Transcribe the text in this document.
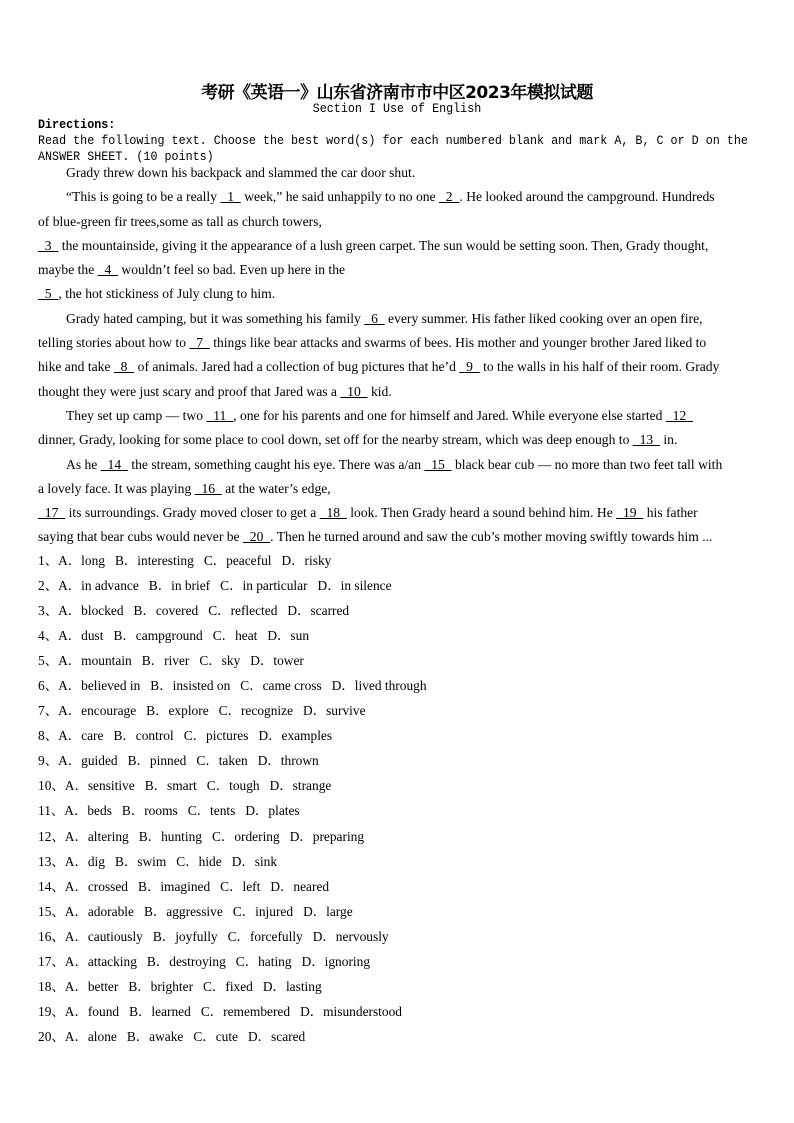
考研《英语一》山东省济南市市中区2023年模拟试题
Section I Use of English
Directions:
Read the following text. Choose the best word(s) for each numbered blank and mark A, B, C or D on the
ANSWER SHEET. (10 points)
Grady threw down his backpack and slammed the car door shut.
“This is going to be a really   1   week,” he said unhappily to no one   2  . He looked around the campground. Hundreds
of blue-green fir trees,some as tall as church towers,
3   the mountainside, giving it the appearance of a lush green carpet. The sun would be setting soon. Then, Grady thought,
maybe the   4   wouldn’t feel so bad. Even up here in the
5  , the hot stickiness of July clung to him.
Grady hated camping, but it was something his family   6   every summer. His father liked cooking over an open fire,
telling stories about how to   7   things like bear attacks and swarms of bees. His mother and younger brother Jared liked to
hike and take   8   of animals. Jared had a collection of bug pictures that he’d   9   to the walls in his half of their room. Grady
thought they were just scary and proof that Jared was a   10   kid.
They set up camp — two   11  , one for his parents and one for himself and Jared. While everyone else started   12
dinner, Grady, looking for some place to cool down, set off for the nearby stream, which was deep enough to   13   in.
As he   14   the stream, something caught his eye. There was a/an   15   black bear cub — no more than two feet tall with
a lovely face. It was playing   16   at the water’s edge,
17   its surroundings. Grady moved closer to get a   18   look. Then Grady heard a sound behind him. He   19   his father
saying that bear cubs would never be   20  . Then he turned around and saw the cub’s mother moving swiftly towards him ...
1、A．long B．interesting C．peaceful D．risky
2、A．in advance B．in brief C．in particular D．in silence
3、A．blocked B．covered C．reflected D．scarred
4、A．dust B．campground C．heat D．sun
5、A．mountain B．river C．sky D．tower
6、A．believed in B．insisted on C．came cross D．lived through
7、A．encourage B．explore C．recognize D．survive
8、A．care B．control C．pictures D．examples
9、A．guided B．pinned C．taken D．thrown
10、A．sensitive B．smart C．tough D．strange
11、A．beds B．rooms C．tents D．plates
12、A．altering B．hunting C．ordering D．preparing
13、A．dig B．swim C．hide D．sink
14、A．crossed B．imagined C．left D．neared
15、A．adorable B．aggressive C．injured D．large
16、A．cautiously B．joyfully C．forcefully D．nervously
17、A．attacking B．destroying C．hating D．ignoring
18、A．better B．brighter C．fixed D．lasting
19、A．found B．learned C．remembered D．misunderstood
20、A．alone B．awake C．cute D．scared
